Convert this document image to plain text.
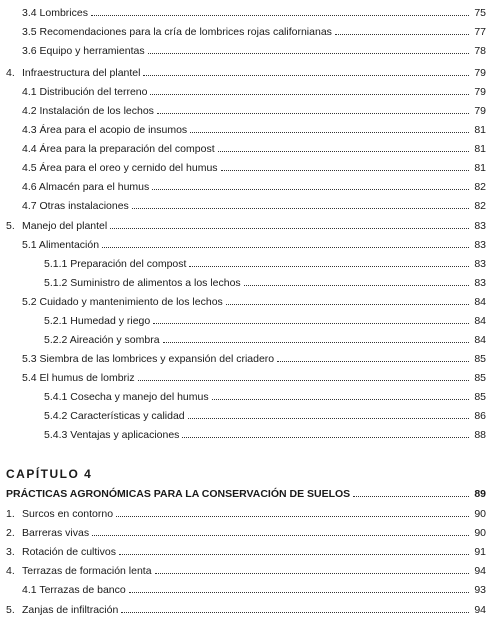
3.4 Lombrices	75
3.5 Recomendaciones para la cría de lombrices rojas californianas	77
3.6 Equipo y herramientas	78
4. Infraestructura del plantel	79
4.1 Distribución del terreno	79
4.2 Instalación de los lechos	79
4.3 Área para el acopio de insumos	81
4.4 Área para la preparación del compost	81
4.5 Área para el oreo y cernido del humus	81
4.6 Almacén para el humus	82
4.7 Otras instalaciones	82
5. Manejo del plantel	83
5.1 Alimentación	83
5.1.1 Preparación del compost	83
5.1.2 Suministro de alimentos a los lechos	83
5.2 Cuidado y mantenimiento de los lechos	84
5.2.1 Humedad y riego	84
5.2.2 Aireación y sombra	84
5.3 Siembra de las lombrices y expansión del criadero	85
5.4 El humus de lombriz	85
5.4.1 Cosecha y manejo del humus	85
5.4.2 Características y calidad	86
5.4.3 Ventajas y aplicaciones	88
CAPÍTULO 4
PRÁCTICAS AGRONÓMICAS PARA LA CONSERVACIÓN DE SUELOS	89
1. Surcos en contorno	90
2. Barreras vivas	90
3. Rotación de cultivos	91
4. Terrazas de formación lenta	94
4.1 Terrazas de banco	93
5. Zanjas de infiltración	94
